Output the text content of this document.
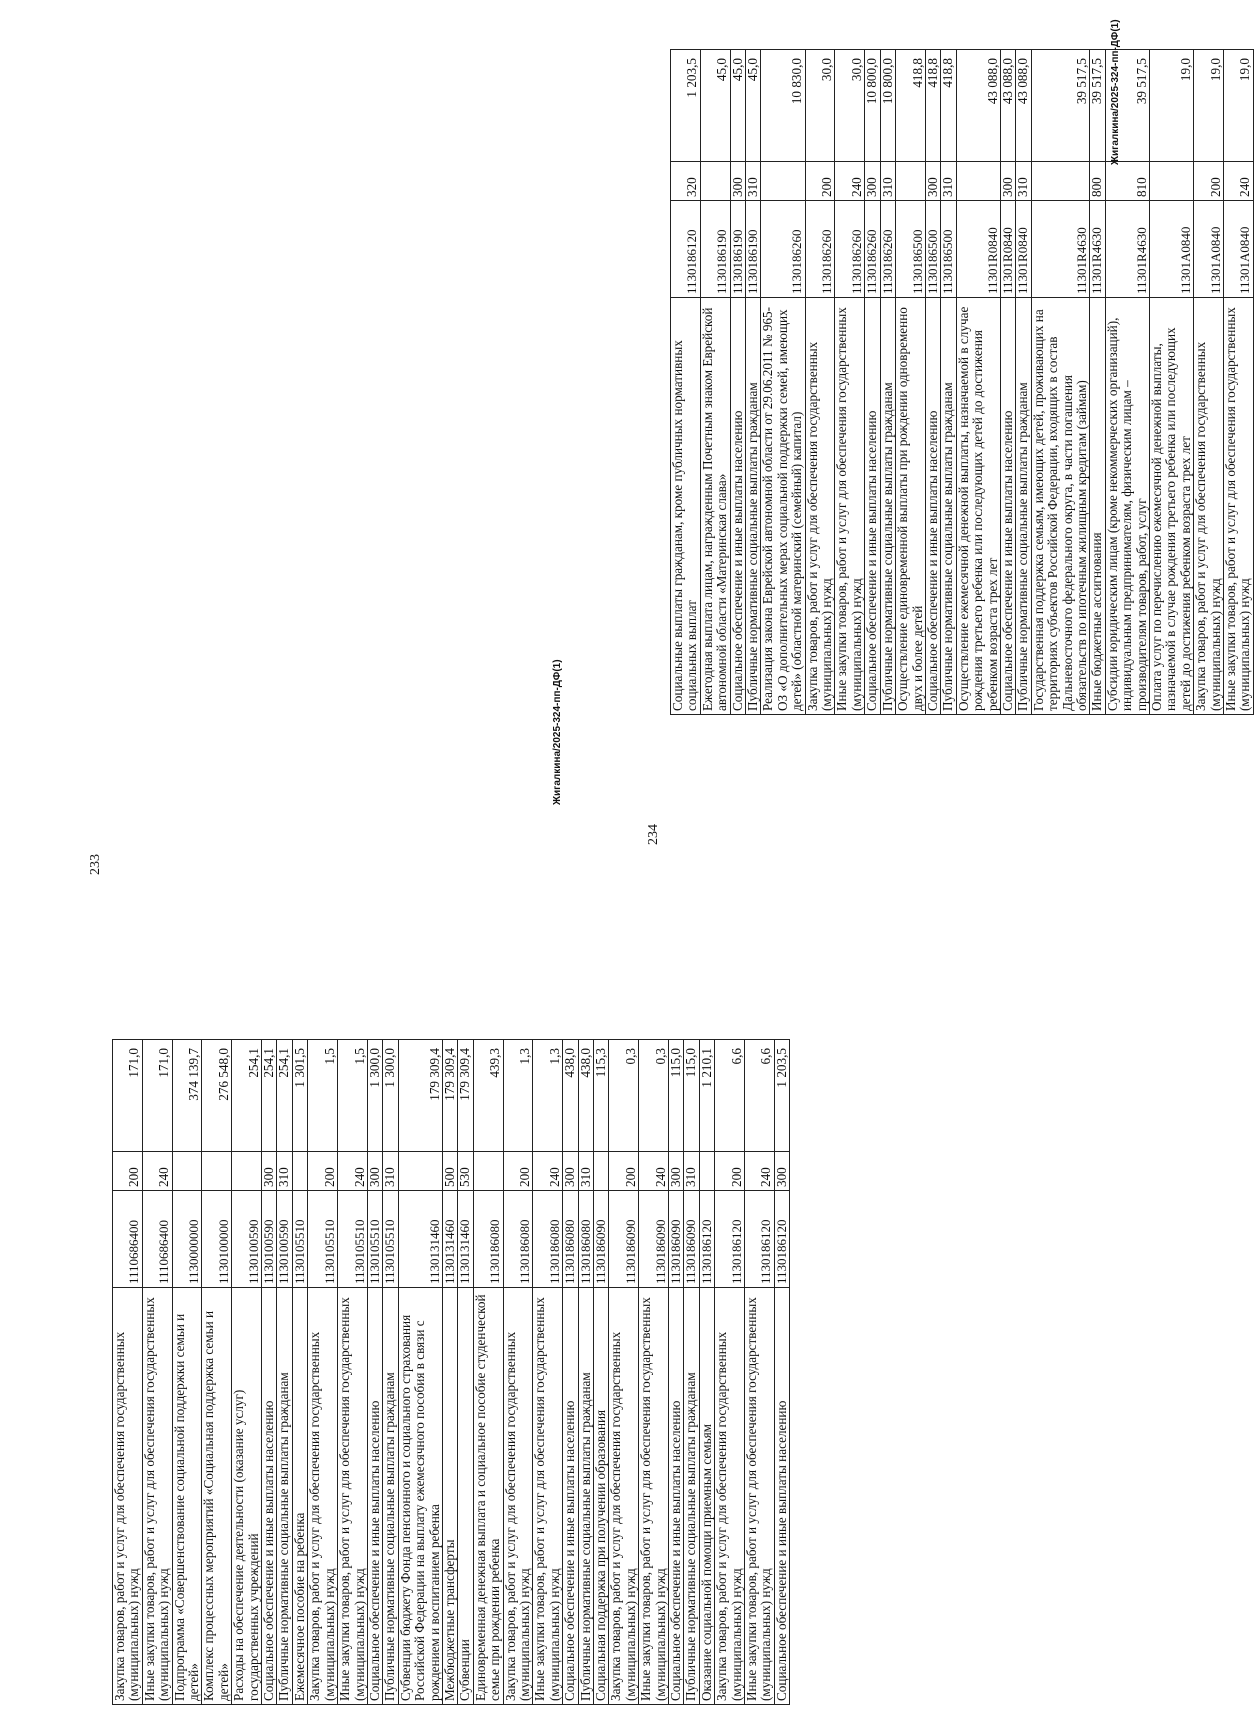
233
Закупка товаров, работ и услуг для обеспечения государственных (муниципальных) нужд	1110686400	200	171,0
Иные закупки товаров, работ и услуг для обеспечения государственных (муниципальных) нужд	1110686400	240	171,0
Подпрограмма «Совершенствование социальной поддержки семьи и детей»	1130000000		374 139,7
Комплекс процессных мероприятий «Социальная поддержка семьи и детей»	1130100000		276 548,0
Расходы на обеспечение деятельности (оказание услуг) государственных учреждений	1130100590		254,1
Социальное обеспечение и иные выплаты населению	1130100590	300	254,1
Публичные нормативные социальные выплаты гражданам	1130100590	310	254,1
Ежемесячное пособие на ребенка	1130105510		1 301,5
Закупка товаров, работ и услуг для обеспечения государственных (муниципальных) нужд	1130105510	200	1,5
Иные закупки товаров, работ и услуг для обеспечения государственных (муниципальных) нужд	1130105510	240	1,5
Социальное обеспечение и иные выплаты населению	1130105510	300	1 300,0
Публичные нормативные социальные выплаты гражданам	1130105510	310	1 300,0
Субвенции бюджету Фонда пенсионного и социального страхования Российской Федерации на выплату ежемесячного пособия в связи с рождением и воспитанием ребенка	1130131460		179 309,4
Межбюджетные трансферты	1130131460	500	179 309,4
Субвенции	1130131460	530	179 309,4
Единовременная денежная выплата и социальное пособие студенческой семье при рождении ребенка	1130186080		439,3
Закупка товаров, работ и услуг для обеспечения государственных (муниципальных) нужд	1130186080	200	1,3
Иные закупки товаров, работ и услуг для обеспечения государственных (муниципальных) нужд	1130186080	240	1,3
Социальное обеспечение и иные выплаты населению	1130186080	300	438,0
Публичные нормативные социальные выплаты гражданам	1130186080	310	438,0
Социальная поддержка при получении образования	1130186090		115,3
Закупка товаров, работ и услуг для обеспечения государственных (муниципальных) нужд	1130186090	200	0,3
Иные закупки товаров, работ и услуг для обеспечения государственных (муниципальных) нужд	1130186090	240	0,3
Социальное обеспечение и иные выплаты населению	1130186090	300	115,0
Публичные нормативные социальные выплаты гражданам	1130186090	310	115,0
Оказание социальной помощи приемным семьям	1130186120		1 210,1
Закупка товаров, работ и услуг для обеспечения государственных (муниципальных) нужд	1130186120	200	6,6
Иные закупки товаров, работ и услуг для обеспечения государственных (муниципальных) нужд	1130186120	240	6,6
Социальное обеспечение и иные выплаты населению	1130186120	300	1 203,5
Жигалкина/2025-324-пп-ДФ(1)
234
Социальные выплаты гражданам, кроме публичных нормативных социальных выплат	1130186120	320	1 203,5
Ежегодная выплата лицам, награжденным Почетным знаком Еврейской автономной области «Материнская слава»	1130186190		45,0
Социальное обеспечение и иные выплаты населению	1130186190	300	45,0
Публичные нормативные социальные выплаты гражданам	1130186190	310	45,0
Реализация закона Еврейской автономной области от 29.06.2011 № 965-ОЗ «О дополнительных мерах социальной поддержки семей, имеющих детей» (областной материнский (семейный) капитал)	1130186260		10 830,0
Закупка товаров, работ и услуг для обеспечения государственных (муниципальных) нужд	1130186260	200	30,0
Иные закупки товаров, работ и услуг для обеспечения государственных (муниципальных) нужд	1130186260	240	30,0
Социальное обеспечение и иные выплаты населению	1130186260	300	10 800,0
Публичные нормативные социальные выплаты гражданам	1130186260	310	10 800,0
Осуществление единовременной выплаты при рождении одновременно двух и более детей	1130186500		418,8
Социальное обеспечение и иные выплаты населению	1130186500	300	418,8
Публичные нормативные социальные выплаты гражданам	1130186500	310	418,8
Осуществление ежемесячной денежной выплаты, назначаемой в случае рождения третьего ребенка или последующих детей до достижения ребенком возраста трех лет	11301R0840		43 088,0
Социальное обеспечение и иные выплаты населению	11301R0840	300	43 088,0
Публичные нормативные социальные выплаты гражданам	11301R0840	310	43 088,0
Государственная поддержка семьям, имеющих детей, проживающих на территориях субъектов Российской Федерации, входящих в состав Дальневосточного федерального округа, в части погашения обязательств по ипотечным жилищным кредитам (займам)	11301R4630		39 517,5
Иные бюджетные ассигнования	11301R4630	800	39 517,5
Субсидии юридическим лицам (кроме некоммерческих организаций), индивидуальным предпринимателям, физическим лицам – производителям товаров, работ, услуг	11301R4630	810	39 517,5
Оплата услуг по перечислению ежемесячной денежной выплаты, назначаемой в случае рождения третьего ребенка или последующих детей до достижения ребенком возраста трех лет	11301A0840		19,0
Закупка товаров, работ и услуг для обеспечения государственных (муниципальных) нужд	11301A0840	200	19,0
Иные закупки товаров, работ и услуг для обеспечения государственных (муниципальных) нужд	11301A0840	240	19,0
Жигалкина/2025-324-пп-ДФ(1)
